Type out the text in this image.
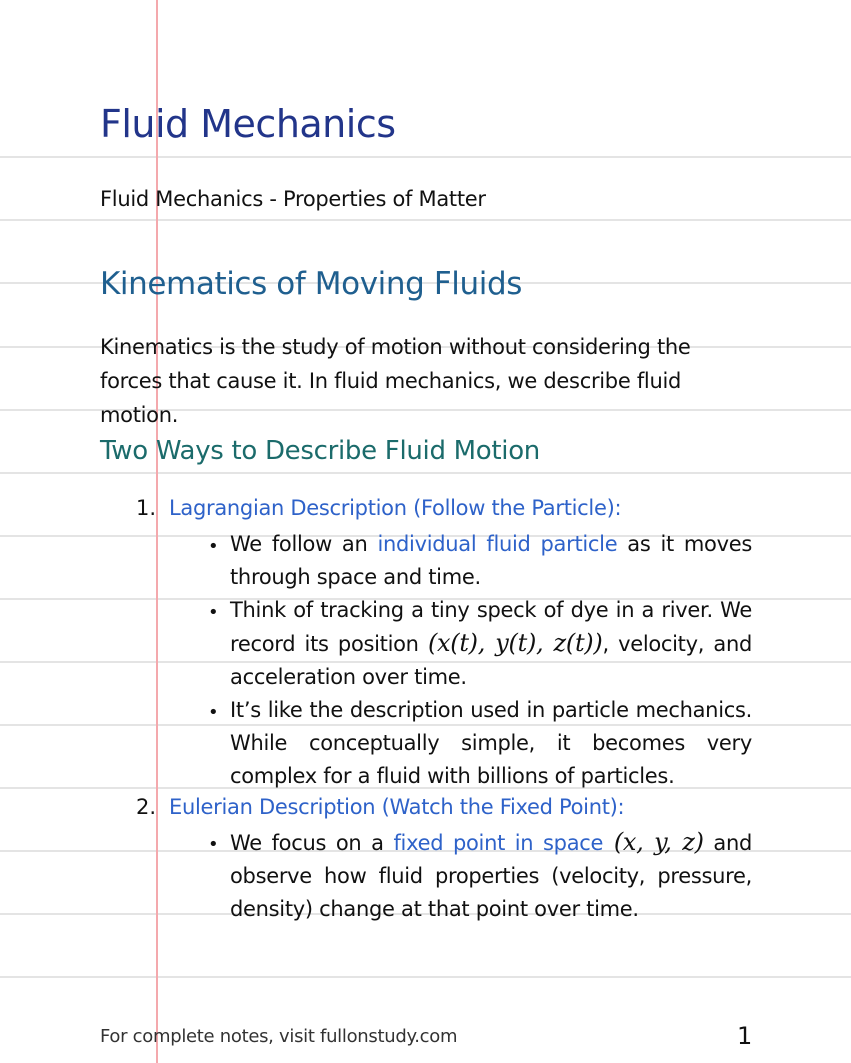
Fluid Mechanics
Fluid Mechanics - Properties of Matter
Kinematics of Moving Fluids

Kinematics is the study of motion without considering the forces that cause it. In fluid mechanics, we describe fluid motion.

Two Ways to Describe Fluid Motion
1. Lagrangian Description (Follow the Particle):
• We follow an individual fluid particle as it moves through space and time.
• Think of tracking a tiny speck of dye in a river. We record its position (x(t), y(t), z(t)), velocity, and acceleration over time.
• It’s like the description used in particle mechanics. While conceptually simple, it becomes very complex for a fluid with billions of particles.
2. Eulerian Description (Watch the Fixed Point):
• We focus on a fixed point in space (x, y, z) and observe how fluid properties (velocity, pressure, density) change at that point over time.
For complete notes, visit fullonstudy.com	1
